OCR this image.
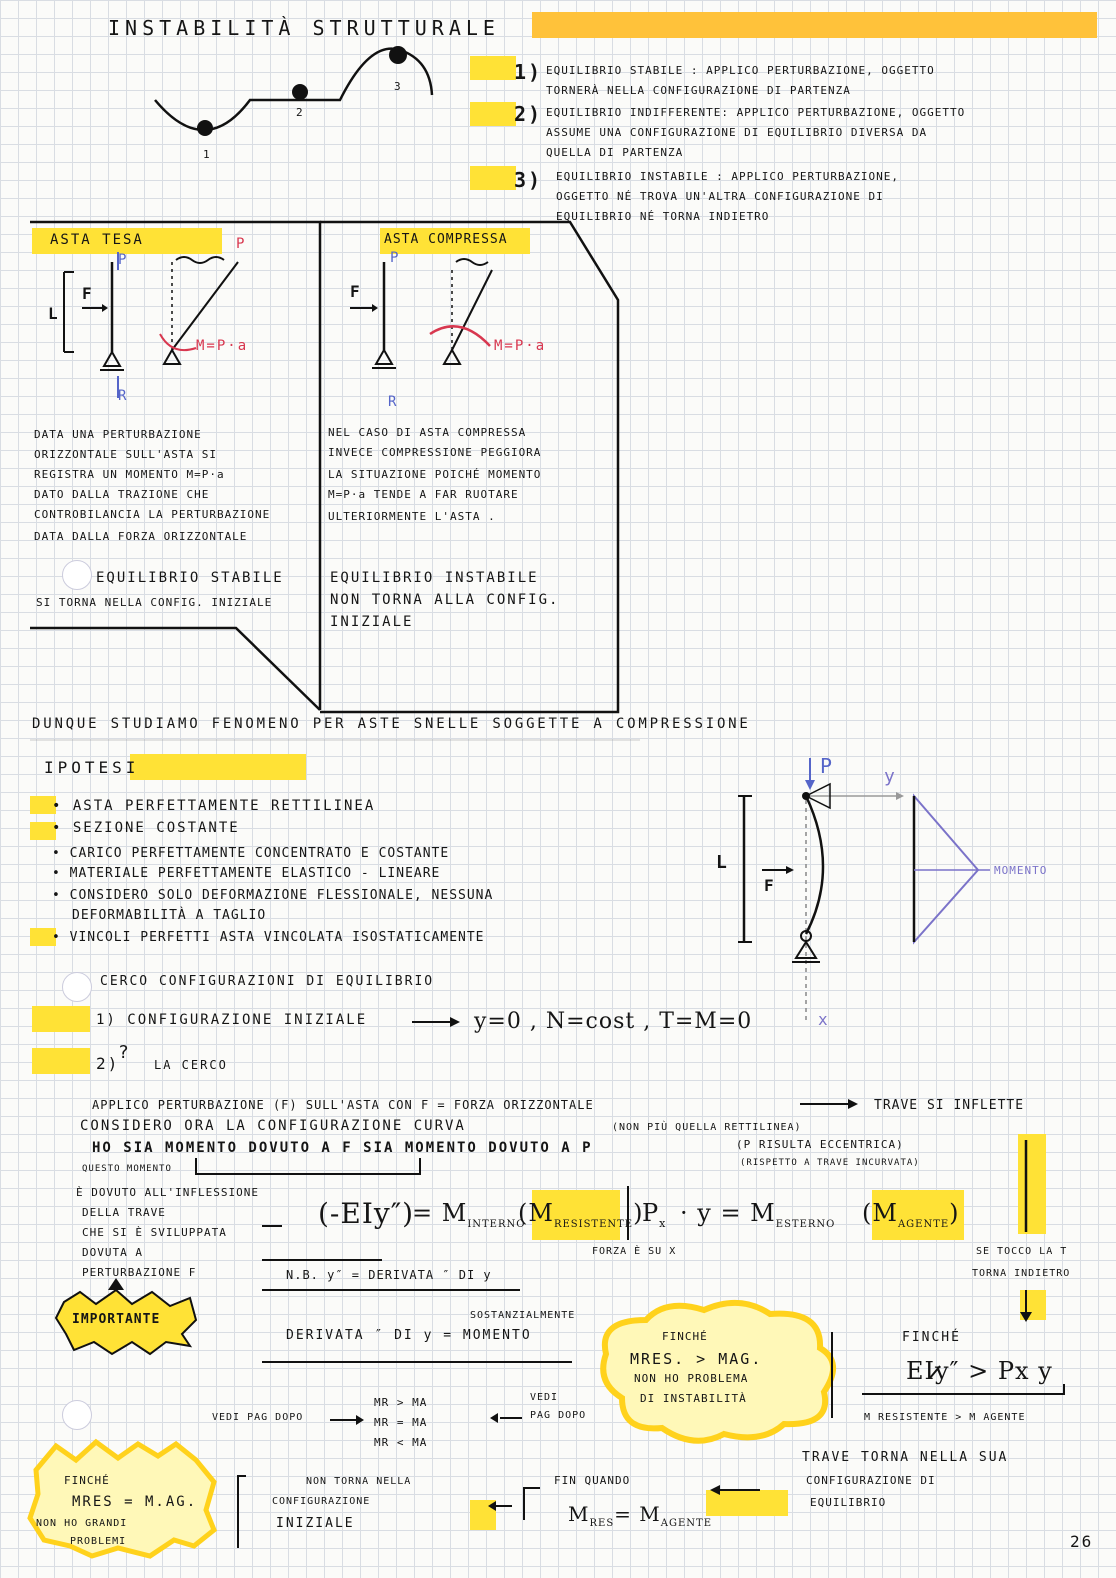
INSTABILITÀ STRUTTURALE
1
2
3
1) EQUILIBRIO STABILE : APPLICO PERTURBAZIONE, OGGETTO
TORNERÀ NELLA CONFIGURAZIONE DI PARTENZA
2) EQUILIBRIO INDIFFERENTE: APPLICO PERTURBAZIONE, OGGETTO
ASSUME UNA CONFIGURAZIONE DI EQUILIBRIO DIVERSA DA
QUELLA DI PARTENZA
3) EQUILIBRIO INSTABILE : APPLICO PERTURBAZIONE,
OGGETTO NÉ TROVA UN'ALTRA CONFIGURAZIONE DI
EQUILIBRIO NÉ TORNA INDIETRO
ASTA TESA
P
P
L
F
R
M=P·a
DATA UNA PERTURBAZIONE
ORIZZONTALE SULL'ASTA SI
REGISTRA UN MOMENTO M=P·a
DATO DALLA TRAZIONE CHE
CONTROBILANCIA LA PERTURBAZIONE
DATA DALLA FORZA ORIZZONTALE
EQUILIBRIO STABILE
SI TORNA NELLA CONFIG. INIZIALE
ASTA COMPRESSA
P
F
R
M=P·a
NEL CASO DI ASTA COMPRESSA
INVECE COMPRESSIONE PEGGIORA
LA SITUAZIONE POICHÉ MOMENTO
M=P·a TENDE A FAR RUOTARE
ULTERIORMENTE L'ASTA .
EQUILIBRIO INSTABILE
NON TORNA ALLA CONFIG.
INIZIALE
DUNQUE STUDIAMO FENOMENO PER ASTE SNELLE SOGGETTE A COMPRESSIONE
IPOTESI
• ASTA PERFETTAMENTE RETTILINEA
• SEZIONE COSTANTE
• CARICO PERFETTAMENTE CONCENTRATO E COSTANTE
• MATERIALE PERFETTAMENTE ELASTICO - LINEARE
• CONSIDERO SOLO DEFORMAZIONE FLESSIONALE, NESSUNA
DEFORMABILITÀ A TAGLIO
• VINCOLI PERFETTI ASTA VINCOLATA ISOSTATICAMENTE
P	y
L
F
x
MOMENTO
CERCO CONFIGURAZIONI DI EQUILIBRIO
1) CONFIGURAZIONE INIZIALE	y=0 , N=cost , T=M=0
2)
?
LA CERCO
APPLICO PERTURBAZIONE (F) SULL'ASTA CON F = FORZA ORIZZONTALE	TRAVE SI INFLETTE
CONSIDERO ORA LA CONFIGURAZIONE CURVA	(NON PIÙ QUELLA RETTILINEA)
HO SIA MOMENTO DOVUTO A F SIA MOMENTO DOVUTO A P	(P RISULTA ECCENTRICA)
(RISPETTO A TRAVE INCURVATA)
QUESTO MOMENTO
È DOVUTO ALL'INFLESSIONE
DELLA TRAVE
CHE SI È SVILUPPATA
DOVUTA A
PERTURBAZIONE F
(-EIy″)
= $M_{INTERNO}$
$(M_{RESISTENTE})$
$P_x \cdot y = M_{ESTERNO}$ $(M_{AGENTE})$
FORZA È SU X
N.B. y″ = DERIVATA ″ DI y
IMPORTANTE	SOSTANZIALMENTE
DERIVATA ″ DI y = MOMENTO
SE TOCCO LA T
TORNA INDIETRO
VEDI PAG DOPO
MR > MA
MR = MA
MR < MA
VEDI
PAG DOPO
FINCHÉ
MRES. > MAG.
NON HO PROBLEMA
DI INSTABILITÀ
FINCHÉ
EIy″ > Px y
M RESISTENTE > M AGENTE
TRAVE TORNA NELLA SUA
CONFIGURAZIONE DI
EQUILIBRIO
FIN QUANDO
$M_{RES}= M_{AGENTE}$
NON TORNA NELLA
CONFIGURAZIONE
INIZIALE
FINCHÉ
MRES = M.AG.
NON HO GRANDI
PROBLEMI	26
